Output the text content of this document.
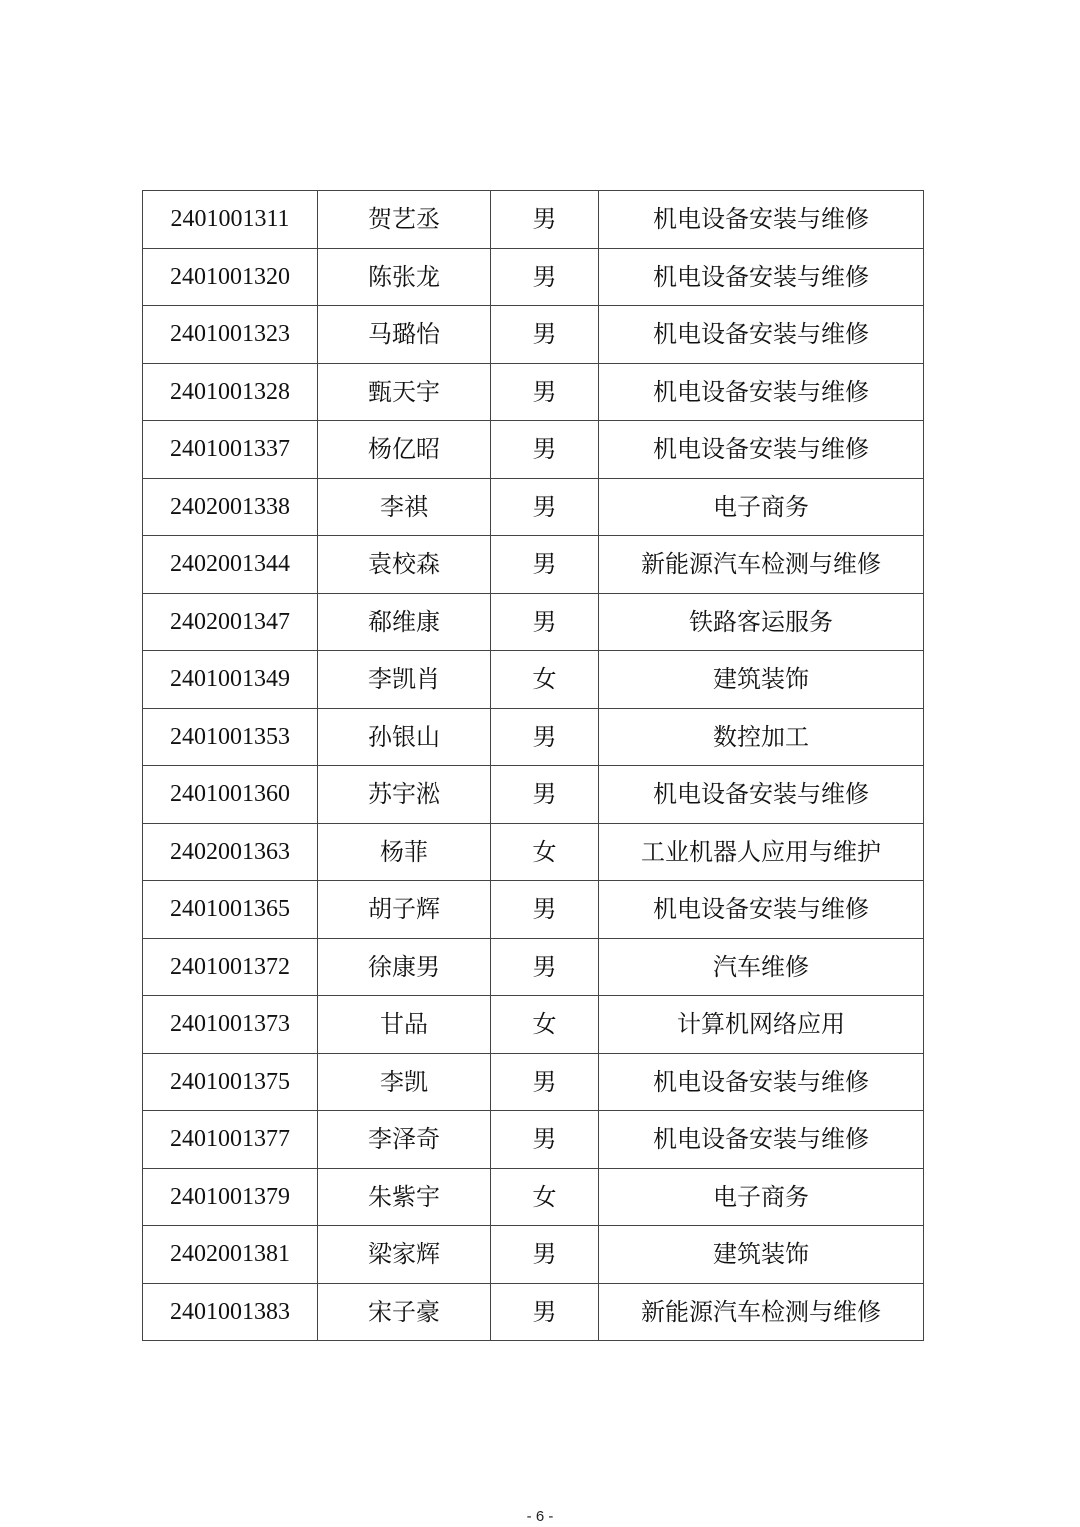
2401001311	贺艺丞	男	机电设备安装与维修
2401001320	陈张龙	男	机电设备安装与维修
2401001323	马璐怡	男	机电设备安装与维修
2401001328	甄天宇	男	机电设备安装与维修
2401001337	杨亿昭	男	机电设备安装与维修
2402001338	李祺	男	电子商务
2402001344	袁校森	男	新能源汽车检测与维修
2402001347	郗维康	男	铁路客运服务
2401001349	李凯肖	女	建筑装饰
2401001353	孙银山	男	数控加工
2401001360	苏宇淞	男	机电设备安装与维修
2402001363	杨菲	女	工业机器人应用与维护
2401001365	胡子辉	男	机电设备安装与维修
2401001372	徐康男	男	汽车维修
2401001373	甘品	女	计算机网络应用
2401001375	李凯	男	机电设备安装与维修
2401001377	李泽奇	男	机电设备安装与维修
2401001379	朱紫宇	女	电子商务
2402001381	梁家辉	男	建筑装饰
2401001383	宋子豪	男	新能源汽车检测与维修
- 6 -
